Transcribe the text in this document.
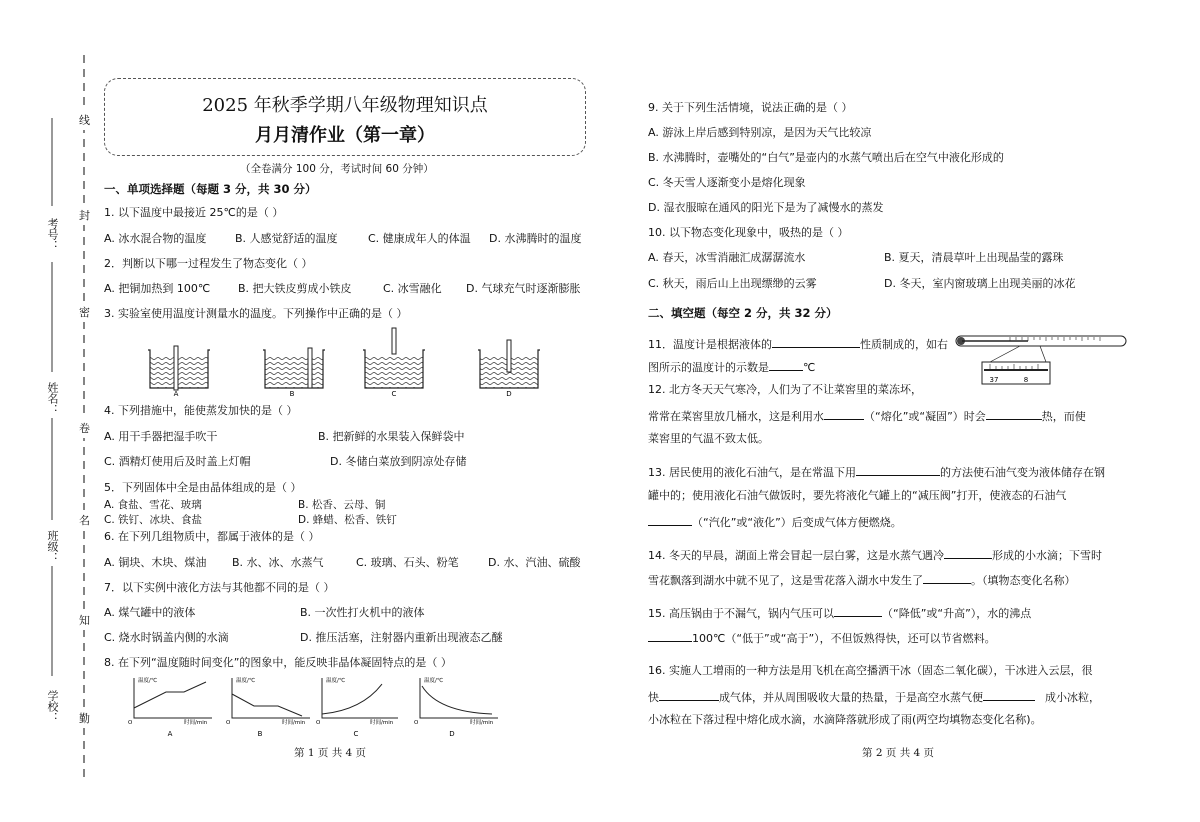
线
封
密
卷
名
知
勤
考号：
姓名：
班级：
学校：
2025 年秋季学期八年级物理知识点
月月清作业（第一章）
（全卷满分 100 分，考试时间 60 分钟）
一、单项选择题（每题 3 分，共 30 分）
1. 以下温度中最接近 25℃的是（ ）
A. 冰水混合物的温度	B. 人感觉舒适的温度	C. 健康成年人的体温 D. 水沸腾时的温度
2．判断以下哪一过程发生了物态变化（ ）
A. 把铜加热到 100℃	B. 把大铁皮剪成小铁皮	C. 冰雪融化 D. 气球充气时逐渐膨胀
3. 实验室使用温度计测量水的温度。下列操作中正确的是（ ）
A	B	C	D
4. 下列措施中，能使蒸发加快的是（ ）
A. 用干手器把湿手吹干	B. 把新鲜的水果装入保鲜袋中
C. 酒精灯使用后及时盖上灯帽	D. 冬储白菜放到阴凉处存储
5．下列固体中全是由晶体组成的是（ ）
A. 食盐、雪花、玻璃	B. 松香、云母、铜
C. 铁钉、冰块、食盐	D. 蜂蜡、松香、铁钉
6. 在下列几组物质中，都属于液体的是（ ）
A. 铜块、木块、煤油 B. 水、冰、水蒸气	C. 玻璃、石头、粉笔	D. 水、汽油、硫酸
7．以下实例中液化方法与其他都不同的是（ ）
A. 煤气罐中的液体	B. 一次性打火机中的液体
C. 烧水时锅盖内侧的水滴	D. 推压活塞，注射器内重新出现液态乙醚
8. 在下列“温度随时间变化”的图象中，能反映非晶体凝固特点的是（ ）
温度/℃
时间/min
O
温度/℃
时间/min
O
温度/℃
时间/min
O
温度/℃
时间/min
O
A	B	C	D
第 1 页 共 4 页
9. 关于下列生活情境，说法正确的是（ ）
A. 游泳上岸后感到特别凉，是因为天气比较凉
B. 水沸腾时，壶嘴处的“白气”是壶内的水蒸气喷出后在空气中液化形成的
C. 冬天雪人逐渐变小是熔化现象
D. 湿衣服晾在通风的阳光下是为了减慢水的蒸发
10. 以下物态变化现象中，吸热的是（ ）
A. 春天，冰雪消融汇成潺潺流水	B. 夏天，清晨草叶上出现晶莹的露珠
C. 秋天，雨后山上出现缥缈的云雾	D. 冬天，室内窗玻璃上出现美丽的冰花
二、填空题（每空 2 分，共 32 分）
11．温度计是根据液体的	性质制成的，如右
图所示的温度计的示数是	℃
37	8
12. 北方冬天天气寒冷，人们为了不让菜窖里的菜冻坏，
常常在菜窖里放几桶水，这是利用水	（“熔化”或“凝固”）时会	热，而使
菜窖里的气温不致太低。
13. 居民使用的液化石油气，是在常温下用	的方法使石油气变为液体储存在钢
罐中的；使用液化石油气做饭时，要先将液化气罐上的“减压阀”打开，使液态的石油气
（“汽化”或“液化”）后变成气体方便燃烧。
14. 冬天的早晨，湖面上常会冒起一层白雾，这是水蒸气遇冷	形成的小水滴；下雪时
雪花飘落到湖水中就不见了，这是雪花落入湖水中发生了	。（填物态变化名称）
15. 高压锅由于不漏气，锅内气压可以	（“降低”或“升高”），水的沸点
100℃（“低于”或“高于”），不但饭熟得快，还可以节省燃料。
16. 实施人工增雨的一种方法是用飞机在高空播洒干冰（固态二氧化碳），干冰进入云层，很
快	成气体，并从周围吸收大量的热量，于是高空水蒸气便	成小冰粒，
小冰粒在下落过程中熔化成水滴，水滴降落就形成了雨(两空均填物态变化名称)。
第 2 页 共 4 页
